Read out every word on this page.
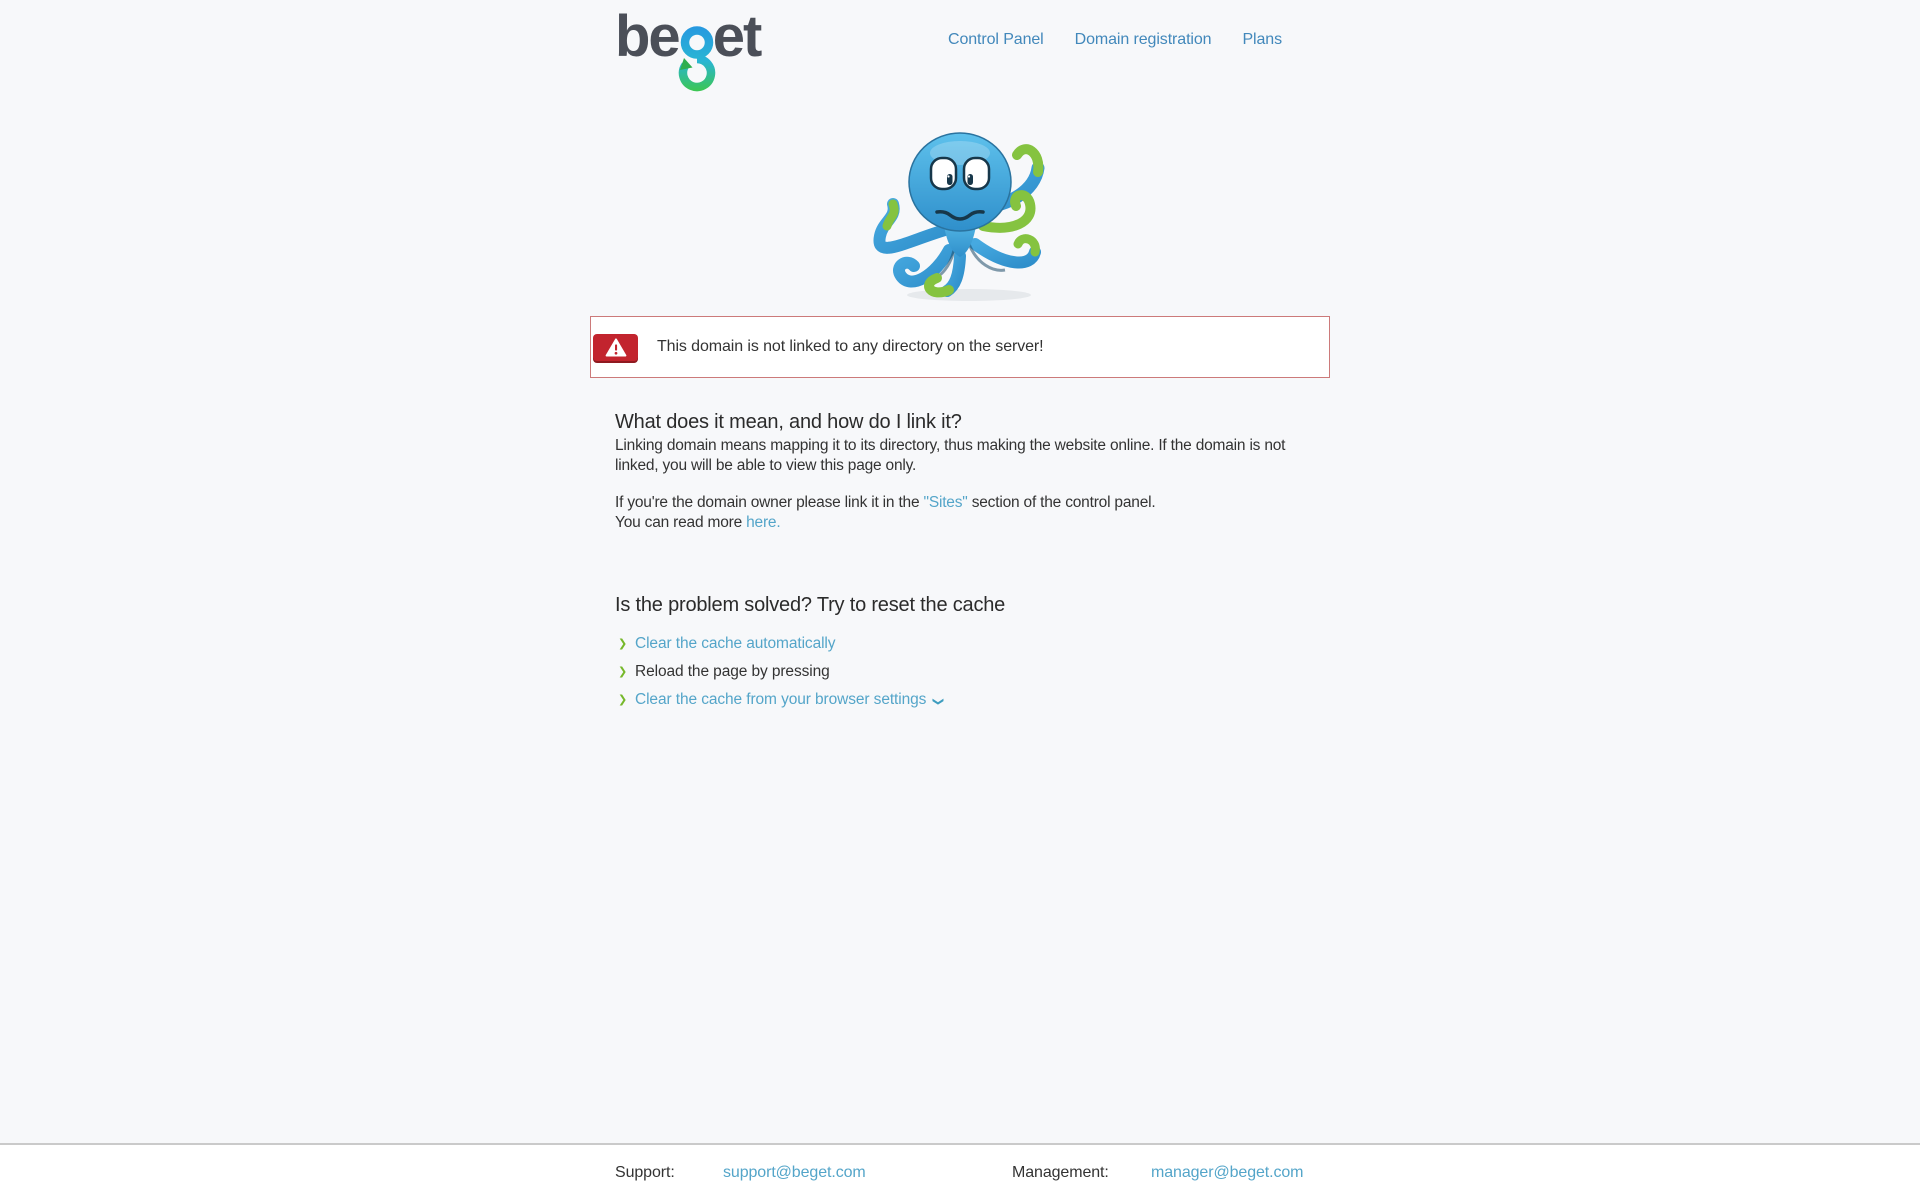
be et	Control Panel Domain registration Plans
This domain is not linked to any directory on the server!
What does it mean, and how do I link it?

Linking domain means mapping it to its directory, thus making the website online. If the domain is not linked, you will be able to view this page only.

If you're the domain owner please link it in the "Sites" section of the control panel.
You can read more here.

Is the problem solved? Try to reset the cache
❯ Clear the cache automatically
❯ Reload the page by pressing
❯ Clear the cache from your browser settings ❯
Support:	support@beget.com	Management:	manager@beget.com
